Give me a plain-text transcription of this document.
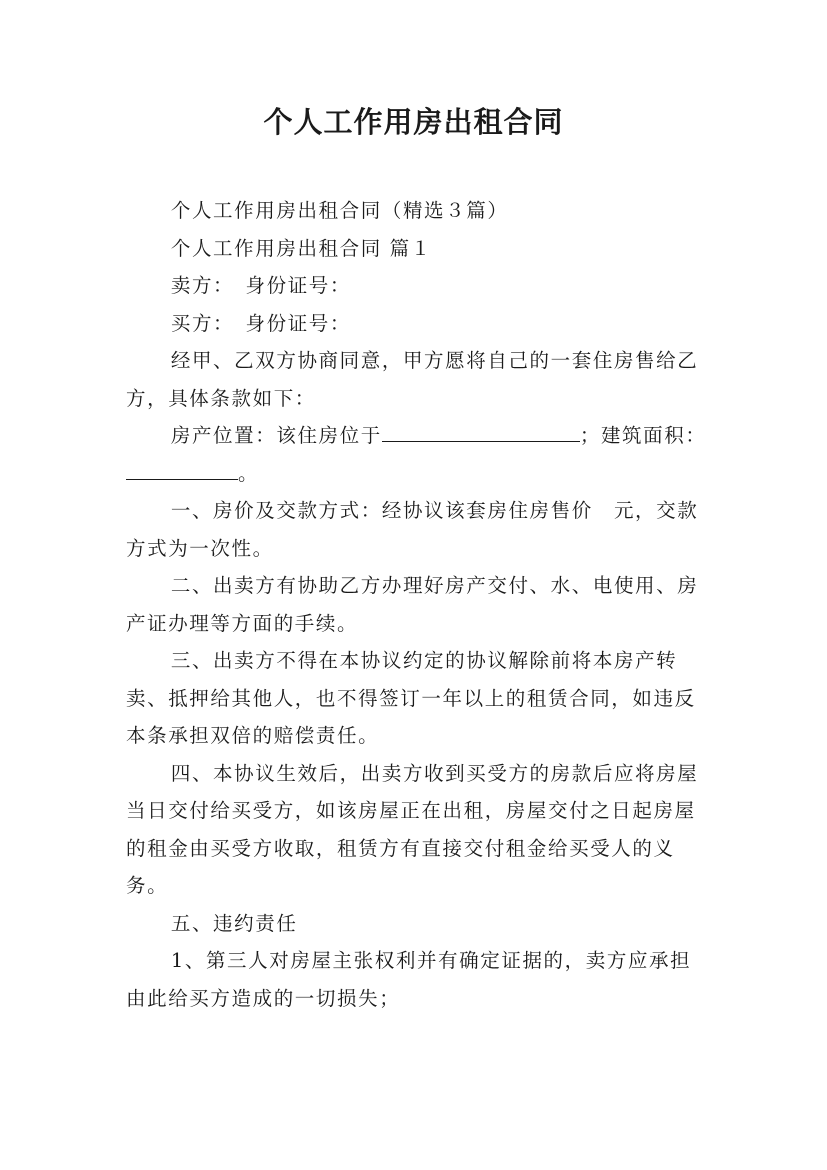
个人工作用房出租合同

个人工作用房出租合同（精选３篇）

个人工作用房出租合同 篇１

卖方：　身份证号：

买方：　身份证号：

经甲、乙双方协商同意，甲方愿将自己的一套住房售给乙方，具体条款如下：

房产位置：该住房位于	；建筑面积：。

一、房价及交款方式：经协议该套房住房售价　元，交款方式为一次性。

二、出卖方有协助乙方办理好房产交付、水、电使用、房产证办理等方面的手续。

三、出卖方不得在本协议约定的协议解除前将本房产转卖、抵押给其他人，也不得签订一年以上的租赁合同，如违反本条承担双倍的赔偿责任。

四、本协议生效后，出卖方收到买受方的房款后应将房屋当日交付给买受方，如该房屋正在出租，房屋交付之日起房屋的租金由买受方收取，租赁方有直接交付租金给买受人的义务。

五、违约责任

1、第三人对房屋主张权利并有确定证据的，卖方应承担由此给买方造成的一切损失；
